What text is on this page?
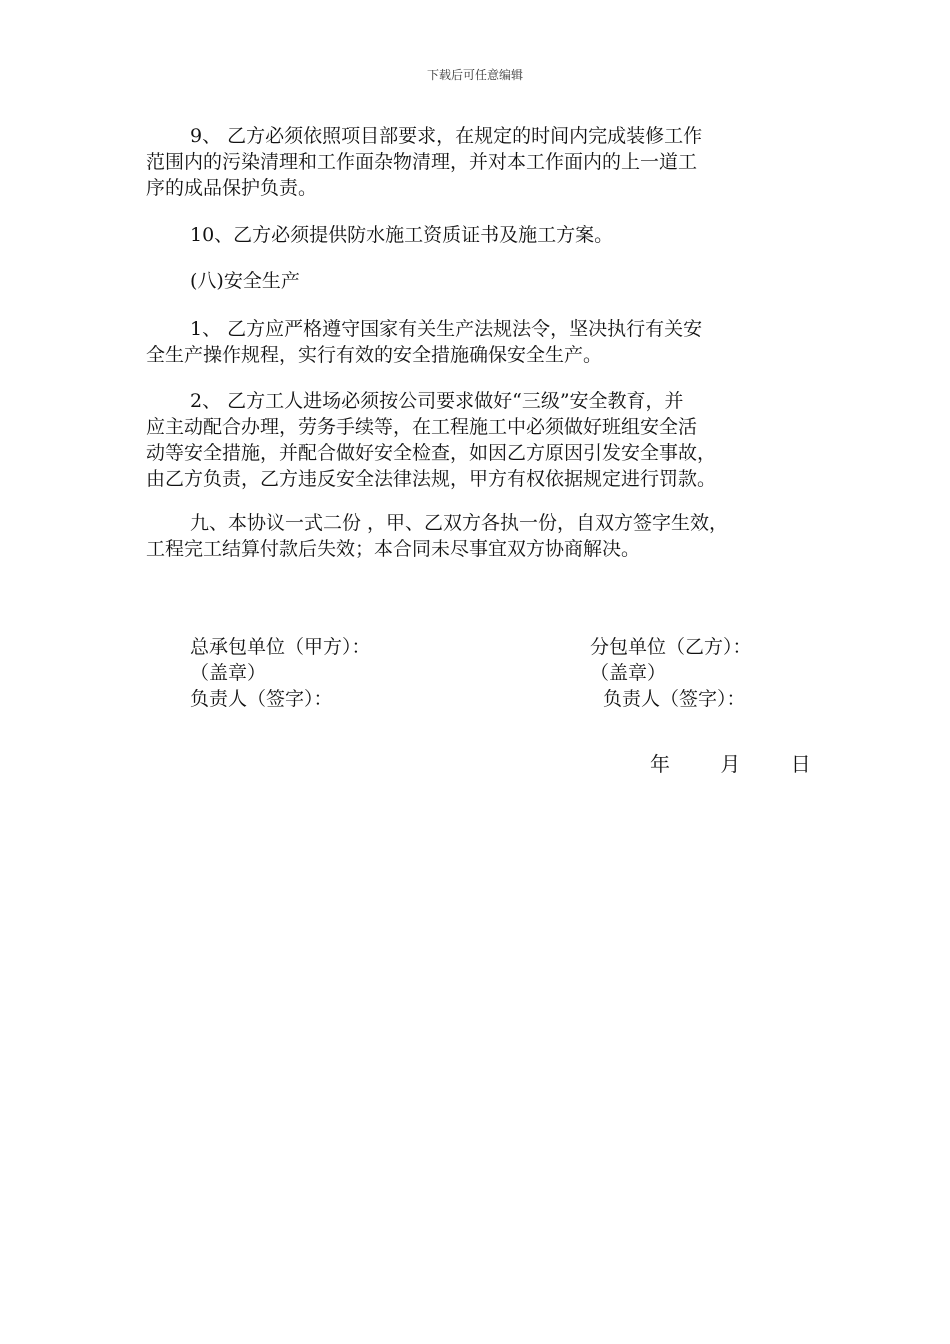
下载后可任意编辑
9、 乙方必须依照项目部要求，在规定的时间内完成装修工作
范围内的污染清理和工作面杂物清理，并对本工作面内的上一道工
序的成品保护负责。
10、乙方必须提供防水施工资质证书及施工方案。
(八)安全生产
1、 乙方应严格遵守国家有关生产法规法令，坚决执行有关安
全生产操作规程，实行有效的安全措施确保安全生产。
2、 乙方工人进场必须按公司要求做好“三级”安全教育，并
应主动配合办理，劳务手续等，在工程施工中必须做好班组安全活
动等安全措施，并配合做好安全检查，如因乙方原因引发安全事故，
由乙方负责，乙方违反安全法律法规，甲方有权依据规定进行罚款。
九、本协议一式二份 ，甲、乙双方各执一份，自双方签字生效，
工程完工结算付款后失效；本合同未尽事宜双方协商解决。
总承包单位（甲方）：
（盖章）
负责人（签字）：
分包单位（乙方）：
（盖章）
负责人（签字）：
年	月	日
